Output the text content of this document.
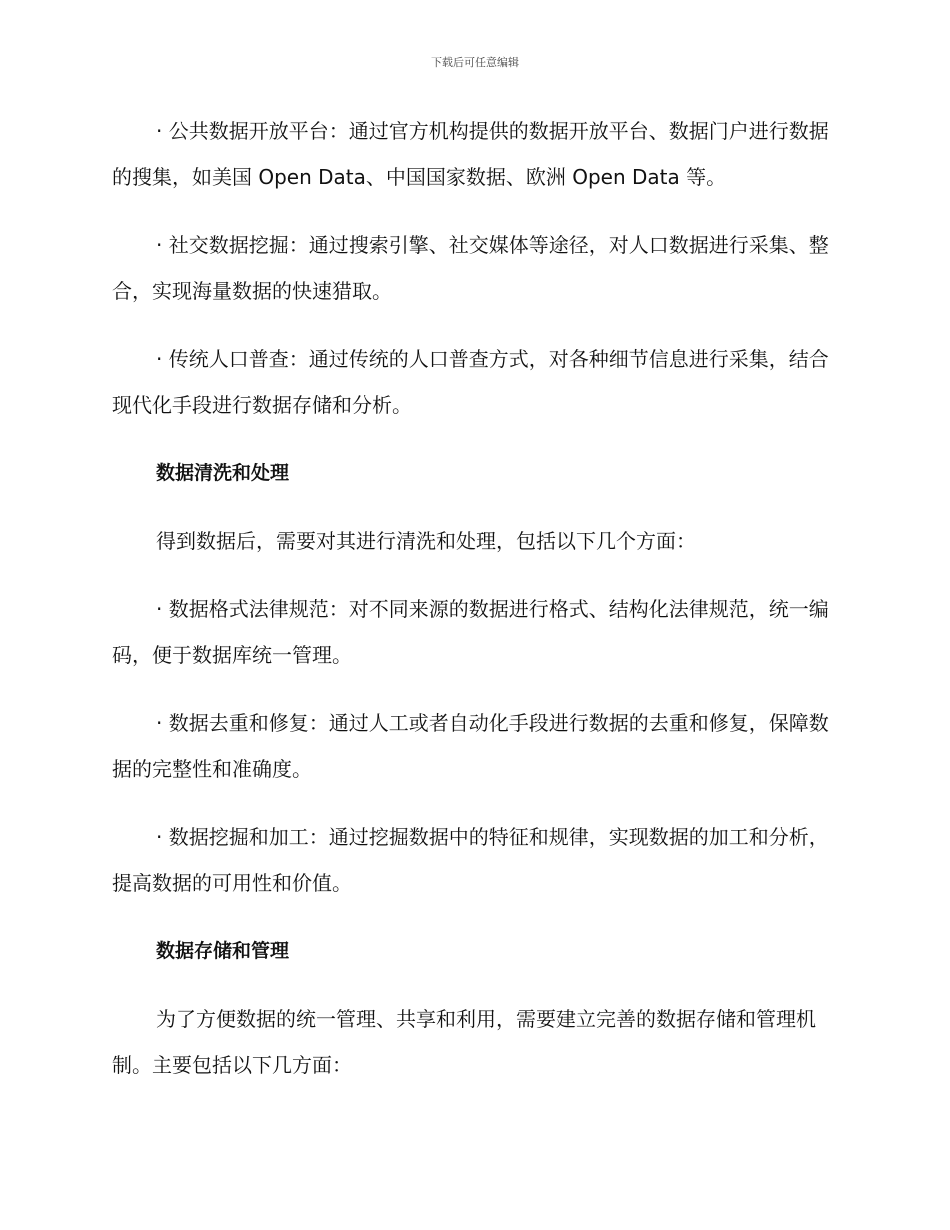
下载后可任意编辑

· 公共数据开放平台：通过官方机构提供的数据开放平台、数据门户进行数据的搜集，如美国 Open Data、中国国家数据、欧洲 Open Data 等。

· 社交数据挖掘：通过搜索引擎、社交媒体等途径，对人口数据进行采集、整合，实现海量数据的快速猎取。

· 传统人口普查：通过传统的人口普查方式，对各种细节信息进行采集，结合现代化手段进行数据存储和分析。

数据清洗和处理

得到数据后，需要对其进行清洗和处理，包括以下几个方面：

· 数据格式法律规范：对不同来源的数据进行格式、结构化法律规范，统一编码，便于数据库统一管理。

· 数据去重和修复：通过人工或者自动化手段进行数据的去重和修复，保障数据的完整性和准确度。

· 数据挖掘和加工：通过挖掘数据中的特征和规律，实现数据的加工和分析，提高数据的可用性和价值。

数据存储和管理

为了方便数据的统一管理、共享和利用，需要建立完善的数据存储和管理机制。主要包括以下几方面：
